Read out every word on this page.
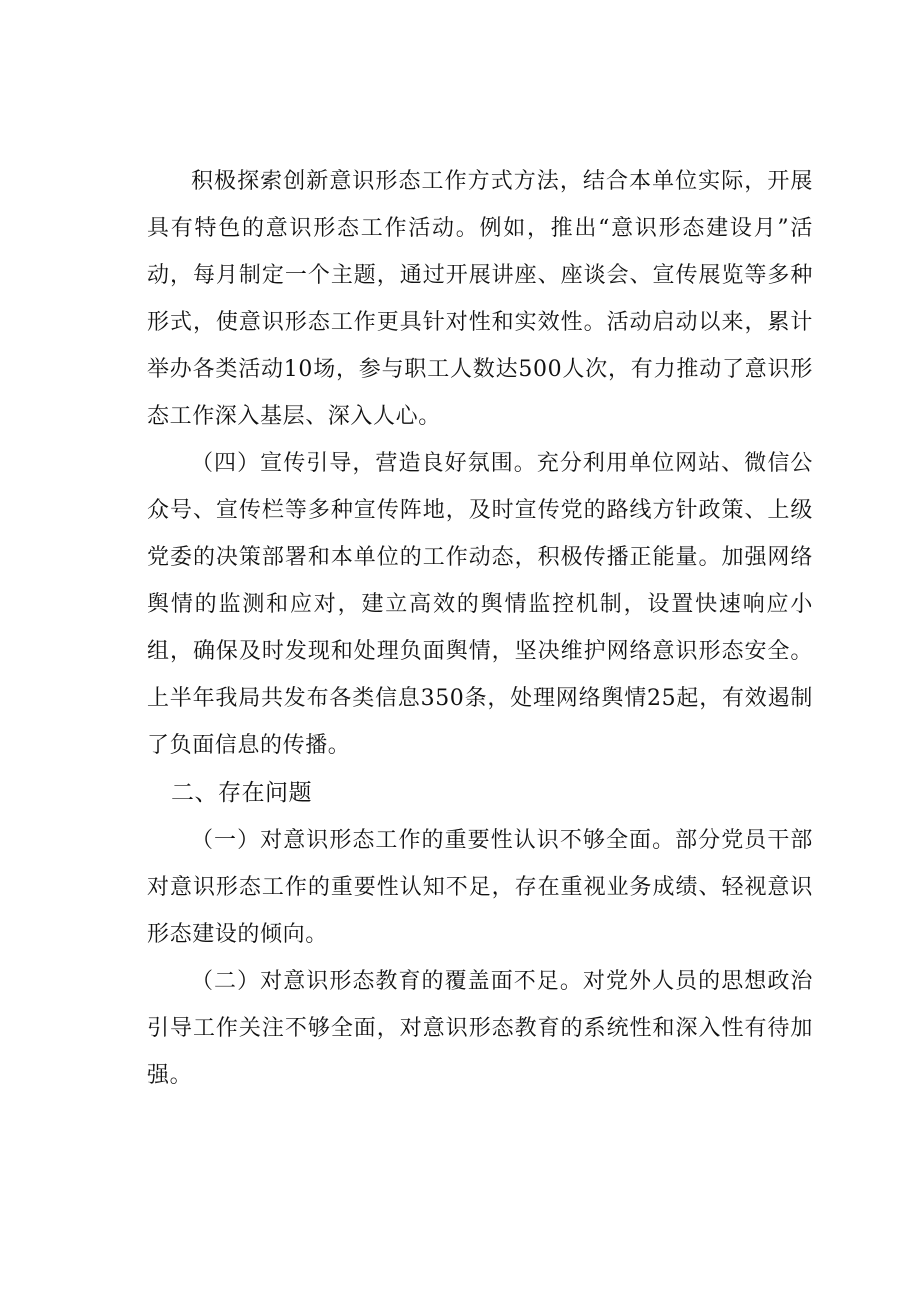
积极探索创新意识形态工作方式方法，结合本单位实际，开展具有特色的意识形态工作活动。例如，推出“意识形态建设月”活动，每月制定一个主题，通过开展讲座、座谈会、宣传展览等多种形式，使意识形态工作更具针对性和实效性。活动启动以来，累计举办各类活动10场，参与职工人数达500人次，有力推动了意识形态工作深入基层、深入人心。

（四）宣传引导，营造良好氛围。充分利用单位网站、微信公众号、宣传栏等多种宣传阵地，及时宣传党的路线方针政策、上级党委的决策部署和本单位的工作动态，积极传播正能量。加强网络舆情的监测和应对，建立高效的舆情监控机制，设置快速响应小组，确保及时发现和处理负面舆情，坚决维护网络意识形态安全。上半年我局共发布各类信息350条，处理网络舆情25起，有效遏制了负面信息的传播。

二、存在问题

（一）对意识形态工作的重要性认识不够全面。部分党员干部对意识形态工作的重要性认知不足，存在重视业务成绩、轻视意识形态建设的倾向。

（二）对意识形态教育的覆盖面不足。对党外人员的思想政治引导工作关注不够全面，对意识形态教育的系统性和深入性有待加强。
